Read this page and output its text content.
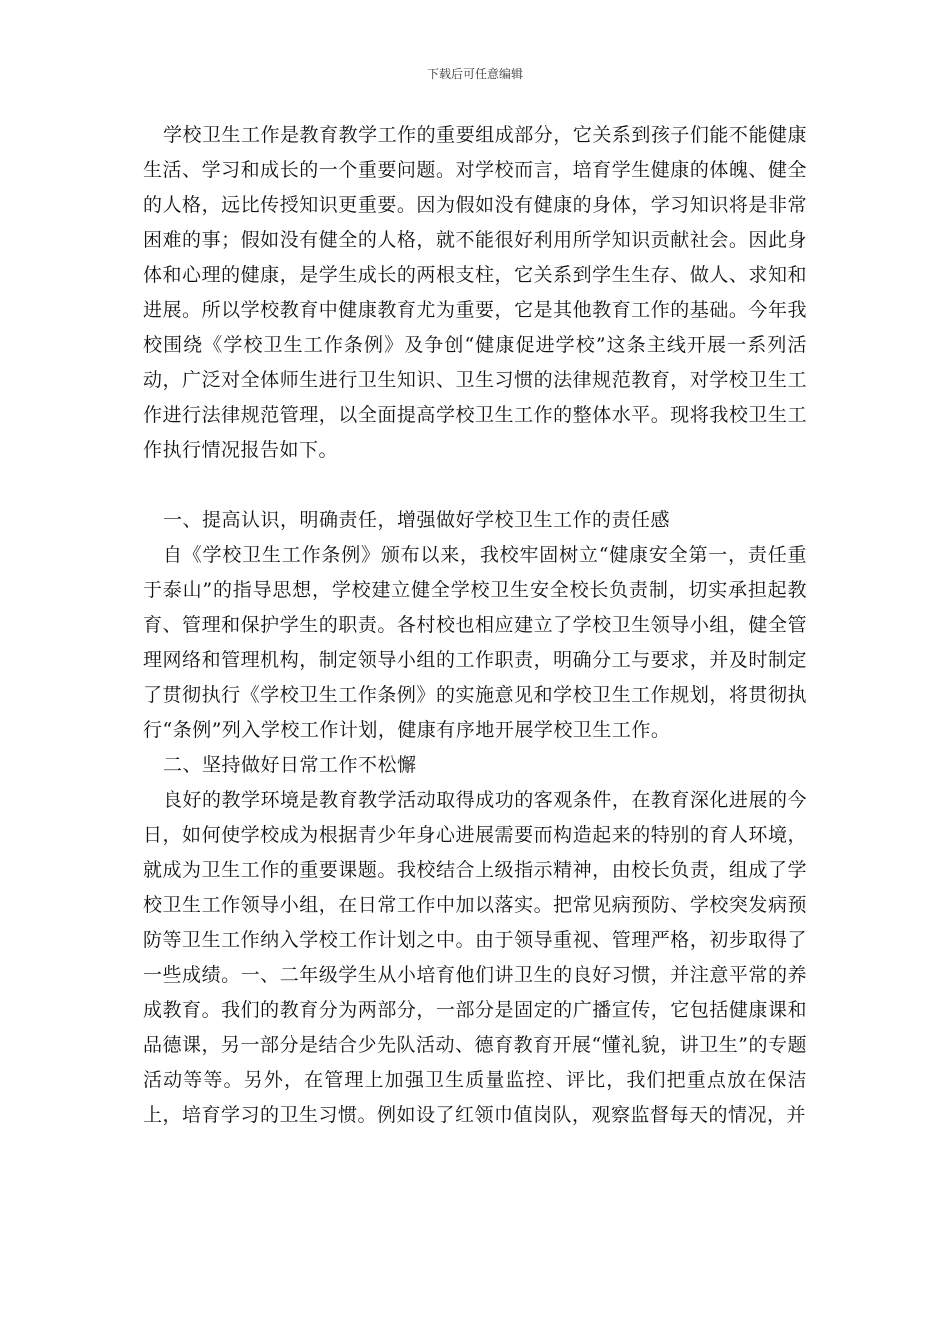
下载后可任意编辑

学校卫生工作是教育教学工作的重要组成部分，它关系到孩子们能不能健康生活、学习和成长的一个重要问题。对学校而言，培育学生健康的体魄、健全的人格，远比传授知识更重要。因为假如没有健康的身体，学习知识将是非常困难的事；假如没有健全的人格，就不能很好利用所学知识贡献社会。因此身体和心理的健康，是学生成长的两根支柱，它关系到学生生存、做人、求知和进展。所以学校教育中健康教育尤为重要，它是其他教育工作的基础。今年我校围绕《学校卫生工作条例》及争创“健康促进学校”这条主线开展一系列活动，广泛对全体师生进行卫生知识、卫生习惯的法律规范教育，对学校卫生工作进行法律规范管理，以全面提高学校卫生工作的整体水平。现将我校卫生工作执行情况报告如下。

一、提高认识，明确责任，增强做好学校卫生工作的责任感

自《学校卫生工作条例》颁布以来，我校牢固树立“健康安全第一，责任重于泰山”的指导思想，学校建立健全学校卫生安全校长负责制，切实承担起教育、管理和保护学生的职责。各村校也相应建立了学校卫生领导小组，健全管理网络和管理机构，制定领导小组的工作职责，明确分工与要求，并及时制定了贯彻执行《学校卫生工作条例》的实施意见和学校卫生工作规划，将贯彻执行“条例”列入学校工作计划，健康有序地开展学校卫生工作。

二、坚持做好日常工作不松懈

良好的教学环境是教育教学活动取得成功的客观条件，在教育深化进展的今日，如何使学校成为根据青少年身心进展需要而构造起来的特别的育人环境，就成为卫生工作的重要课题。我校结合上级指示精神，由校长负责，组成了学校卫生工作领导小组，在日常工作中加以落实。把常见病预防、学校突发病预防等卫生工作纳入学校工作计划之中。由于领导重视、管理严格，初步取得了一些成绩。一、二年级学生从小培育他们讲卫生的良好习惯，并注意平常的养成教育。我们的教育分为两部分，一部分是固定的广播宣传，它包括健康课和品德课，另一部分是结合少先队活动、德育教育开展“懂礼貌，讲卫生”的专题活动等等。另外，在管理上加强卫生质量监控、评比，我们把重点放在保洁上，培育学习的卫生习惯。例如设了红领巾值岗队，观察监督每天的情况，并
